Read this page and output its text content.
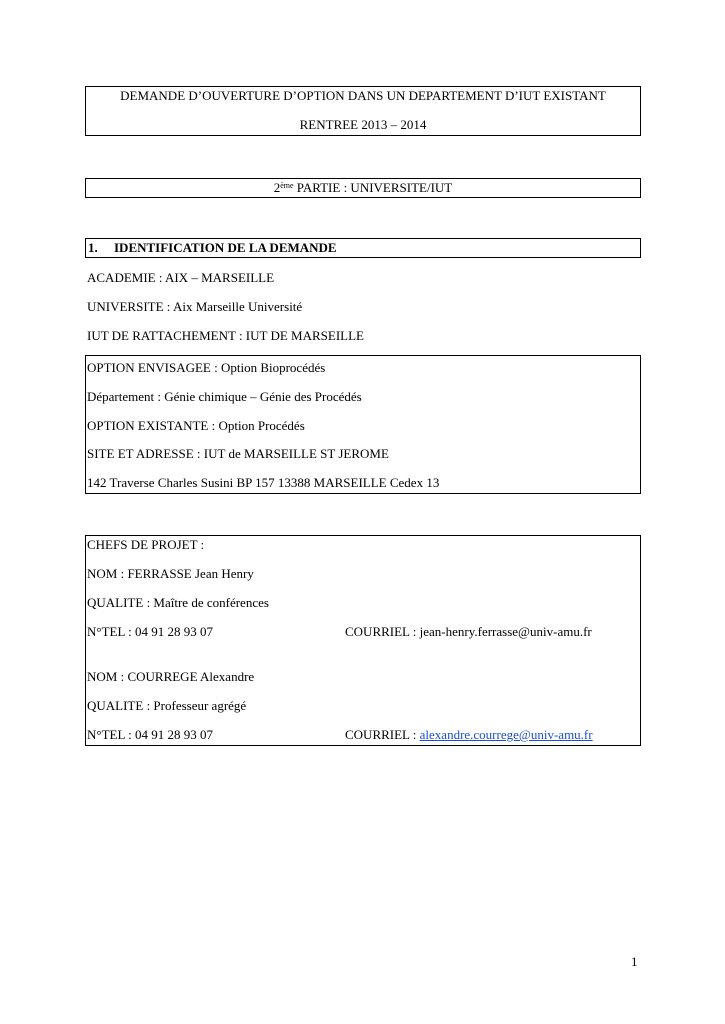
DEMANDE D’OUVERTURE D’OPTION DANS UN DEPARTEMENT D’IUT EXISTANT
RENTREE 2013 – 2014
2ème PARTIE : UNIVERSITE/IUT
1. IDENTIFICATION DE LA DEMANDE
ACADEMIE : AIX – MARSEILLE
UNIVERSITE : Aix Marseille Université
IUT DE RATTACHEMENT : IUT DE MARSEILLE
OPTION ENVISAGEE : Option Bioprocédés
Département : Génie chimique – Génie des Procédés
OPTION EXISTANTE : Option Procédés
SITE ET ADRESSE : IUT de MARSEILLE ST JEROME
142 Traverse Charles Susini BP 157 13388 MARSEILLE Cedex 13
CHEFS DE PROJET :
NOM : FERRASSE Jean Henry
QUALITE : Maître de conférences
N°TEL : 04 91 28 93 07	COURRIEL : jean-henry.ferrasse@univ-amu.fr
NOM : COURREGE Alexandre
QUALITE : Professeur agrégé
N°TEL : 04 91 28 93 07	COURRIEL : alexandre.courrege@univ-amu.fr
1
